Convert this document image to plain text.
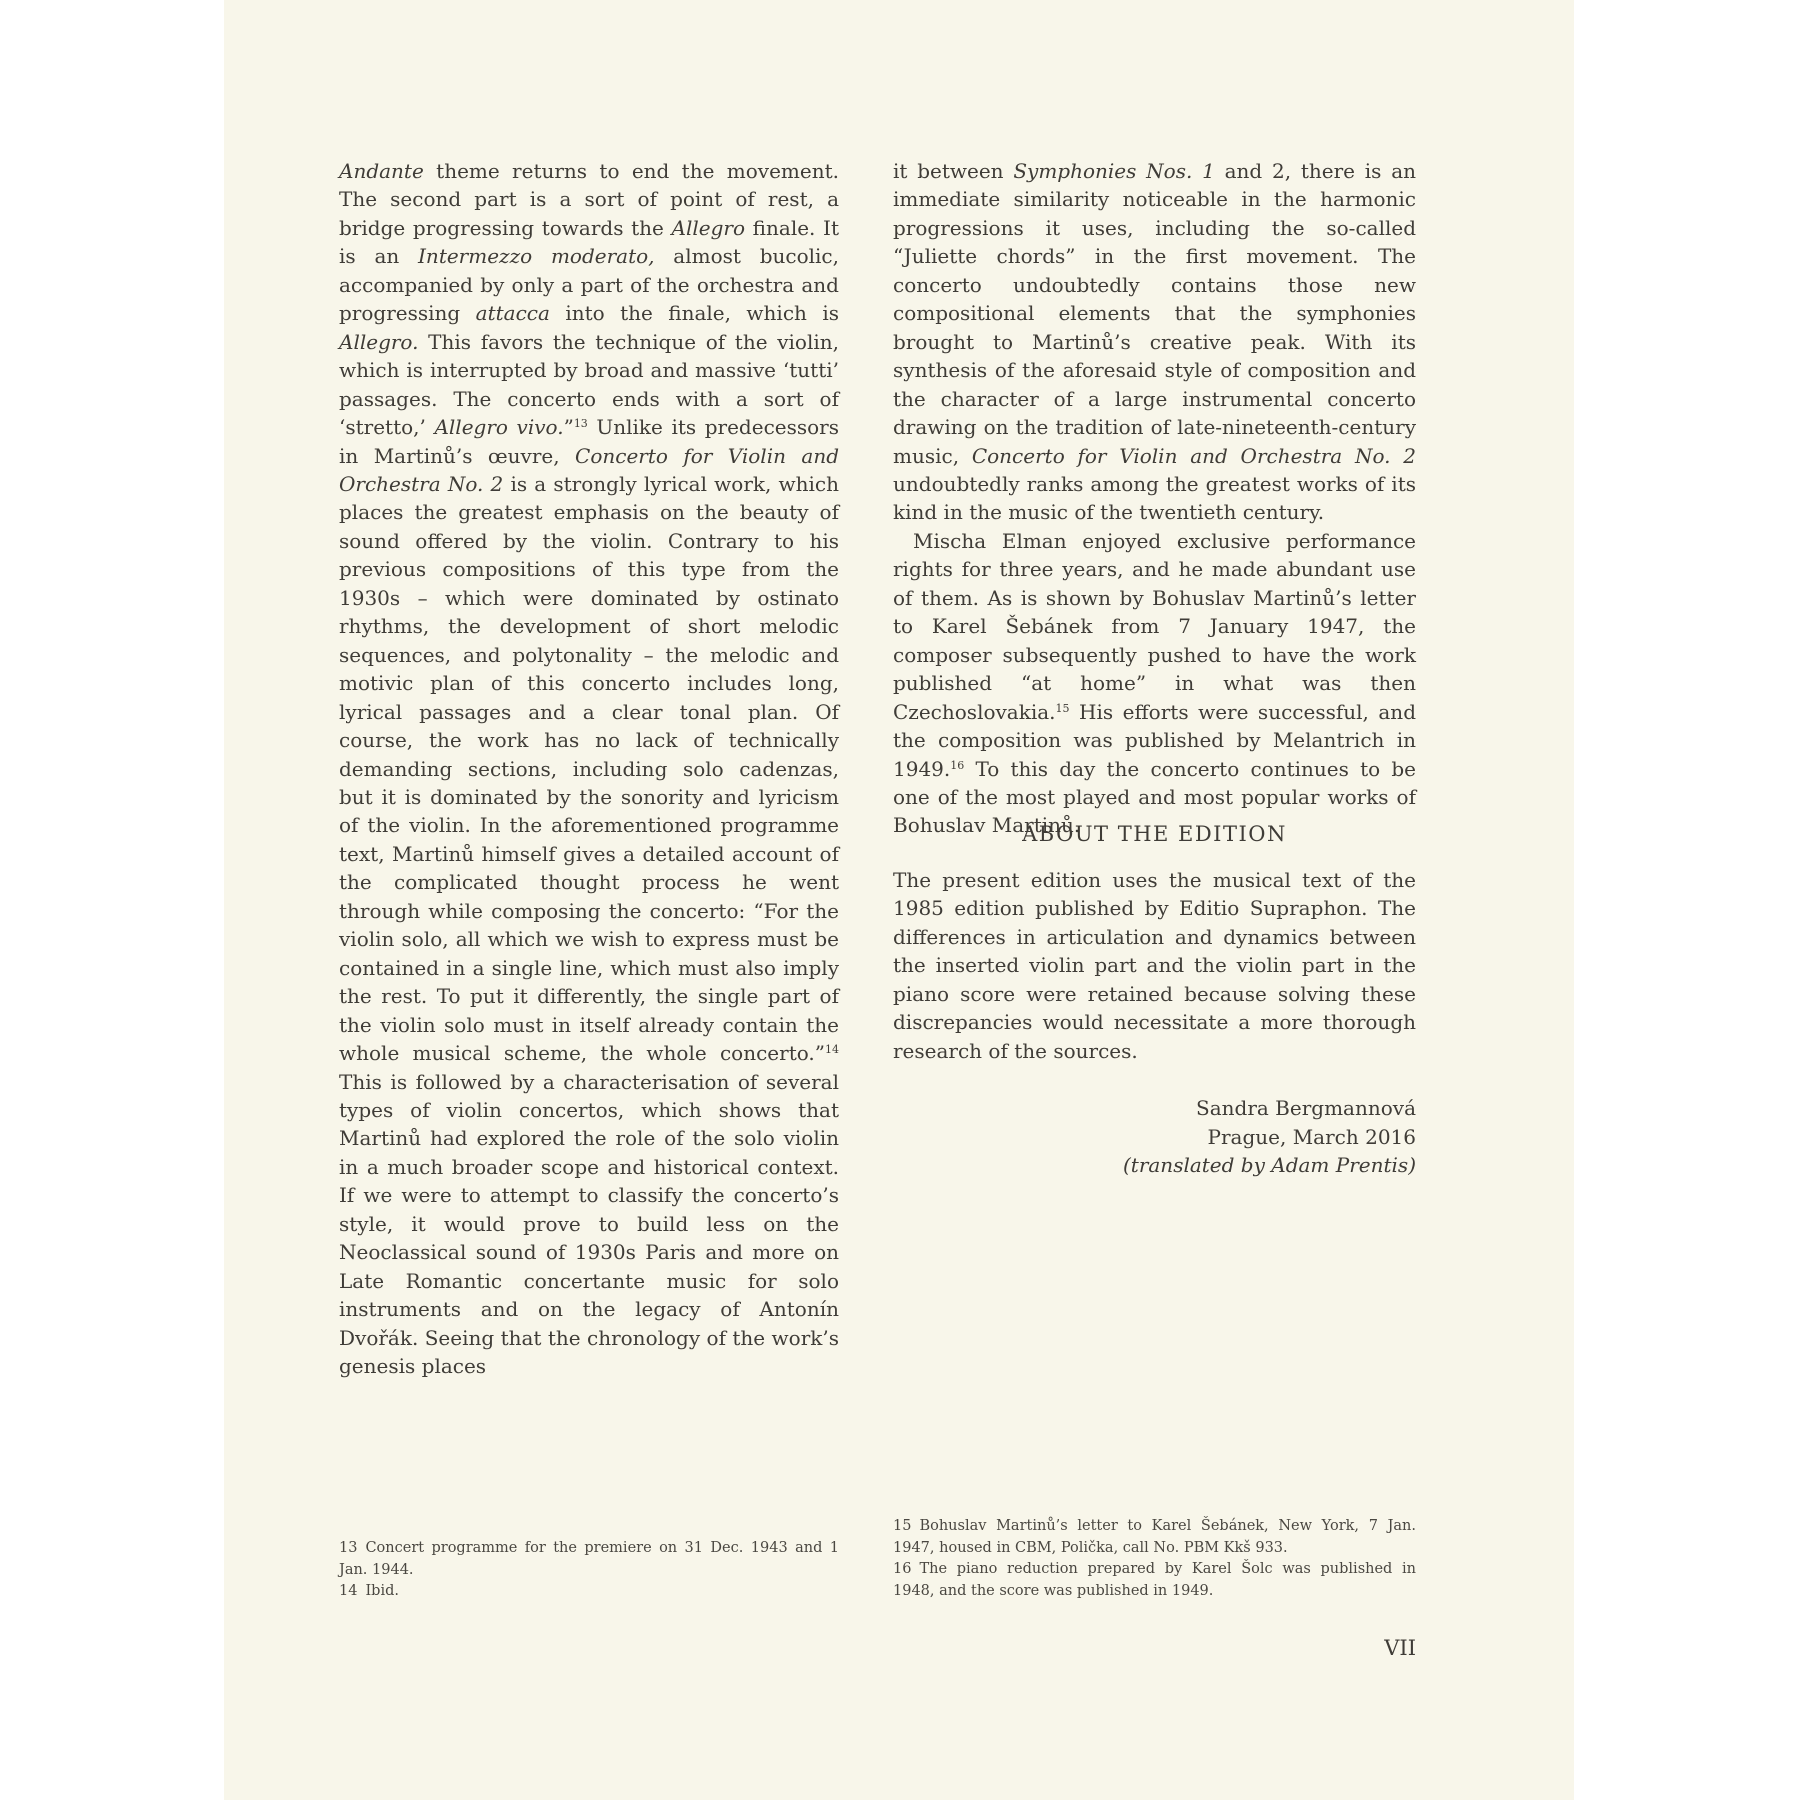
Andante theme returns to end the movement. The second part is a sort of point of rest, a bridge progressing towards the Allegro finale. It is an Intermezzo moderato, almost bucolic, accompanied by only a part of the orchestra and progressing attacca into the finale, which is Allegro. This favors the technique of the violin, which is interrupted by broad and massive ‘tutti’ passages. The concerto ends with a sort of ‘stretto,’ Allegro vivo.”$^{13}$ Unlike its predecessors in Martinů’s œuvre, Concerto for Violin and Orchestra No. 2 is a strongly lyrical work, which places the greatest emphasis on the beauty of sound offered by the violin. Contrary to his previous compositions of this type from the 1930s – which were dominated by ostinato rhythms, the development of short melodic sequences, and polytonality – the melodic and motivic plan of this concerto includes long, lyrical passages and a clear tonal plan. Of course, the work has no lack of technically demanding sections, including solo cadenzas, but it is dominated by the sonority and lyricism of the violin. In the aforementioned programme text, Martinů himself gives a detailed account of the complicated thought process he went through while composing the concerto: “For the violin solo, all which we wish to express must be contained in a single line, which must also imply the rest. To put it differently, the single part of the violin solo must in itself already contain the whole musical scheme, the whole concerto.”$^{14}$ This is followed by a characterisation of several types of violin concertos, which shows that Martinů had explored the role of the solo violin in a much broader scope and historical context. If we were to attempt to classify the concerto’s style, it would prove to build less on the Neoclassical sound of 1930s Paris and more on Late Romantic concertante music for solo instruments and on the legacy of Antonín Dvořák. Seeing that the chronology of the work’s genesis places

it between Symphonies Nos. 1 and 2, there is an immediate similarity noticeable in the harmonic progressions it uses, including the so-called “Juliette chords” in the first movement. The concerto undoubtedly contains those new compositional elements that the symphonies brought to Martinů’s creative peak. With its synthesis of the aforesaid style of composition and the character of a large instrumental concerto drawing on the tradition of late-nineteenth-century music, Concerto for Violin and Orchestra No. 2 undoubtedly ranks among the greatest works of its kind in the music of the twentieth century.

Mischa Elman enjoyed exclusive performance rights for three years, and he made abundant use of them. As is shown by Bohuslav Martinů’s letter to Karel Šebánek from 7 January 1947, the composer subsequently pushed to have the work published “at home” in what was then Czechoslovakia.$^{15}$ His efforts were successful, and the composition was published by Melantrich in 1949.16 To this day the concerto continues to be one of the most played and most popular works of Bohuslav Martinů.

ABOUT THE EDITION
The present edition uses the musical text of the 1985 edition published by Editio Supraphon. The differences in articulation and dynamics between the inserted violin part and the violin part in the piano score were retained because solving these discrepancies would necessitate a more thorough research of the sources.
Sandra Bergmannová
Prague, March 2016
(translated by Adam Prentis)

13 Concert programme for the premiere on 31 Dec. 1943 and 1 Jan. 1944.

14 Ibid.

15 Bohuslav Martinů’s letter to Karel Šebánek, New York, 7 Jan. 1947, housed in CBM, Polička, call No. PBM Kkš 933.

16 The piano reduction prepared by Karel Šolc was published in 1948, and the score was published in 1949.

VII
